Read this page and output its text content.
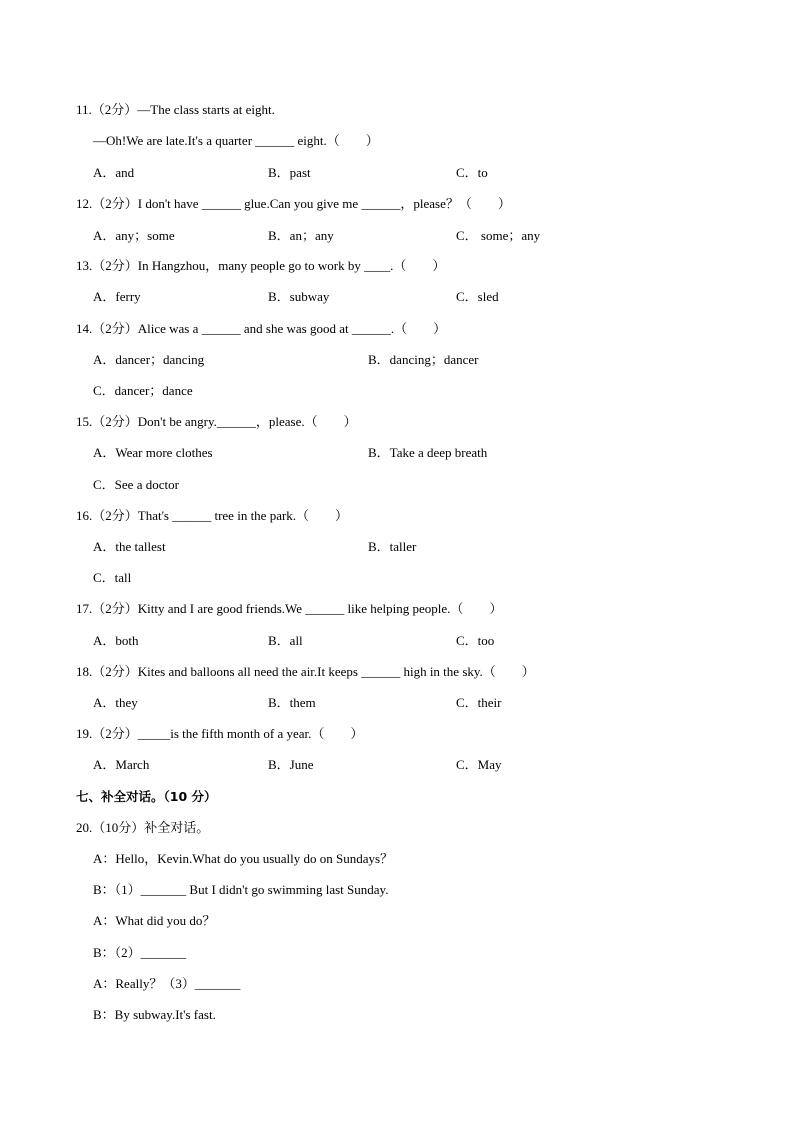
11.（2分）—The class starts at eight.
—Oh!We are late.It's a quarter ______ eight.（　　）
A．and	B．past	C．to
12.（2分）I don't have ______ glue.Can you give me ______，please？（　　）
A．any；some	B．an；any	C． some；any
13.（2分）In Hangzhou，many people go to work by ____.（　　）
A．ferry	B．subway	C．sled
14.（2分）Alice was a ______ and she was good at ______.（　　）
A．dancer；dancing	B．dancing；dancer
C．dancer；dance
15.（2分）Don't be angry.______，please.（　　）
A．Wear more clothes	B．Take a deep breath
C．See a doctor
16.（2分）That's ______ tree in the park.（　　）
A．the tallest	B．taller
C．tall
17.（2分）Kitty and I are good friends.We ______ like helping people.（　　）
A．both	B．all	C．too
18.（2分）Kites and balloons all need the air.It keeps ______ high in the sky.（　　）
A．they	B．them	C．their
19.（2分）_____is the fifth month of a year.（　　）
A．March	B．June	C．May
七、补全对话。（10 分）
20.（10分）补全对话。
A：Hello，Kevin.What do you usually do on Sundays？
B：（1）_______ But I didn't go swimming last Sunday.
A：What did you do？
B：（2）_______
A：Really？（3）_______
B：By subway.It's fast.
